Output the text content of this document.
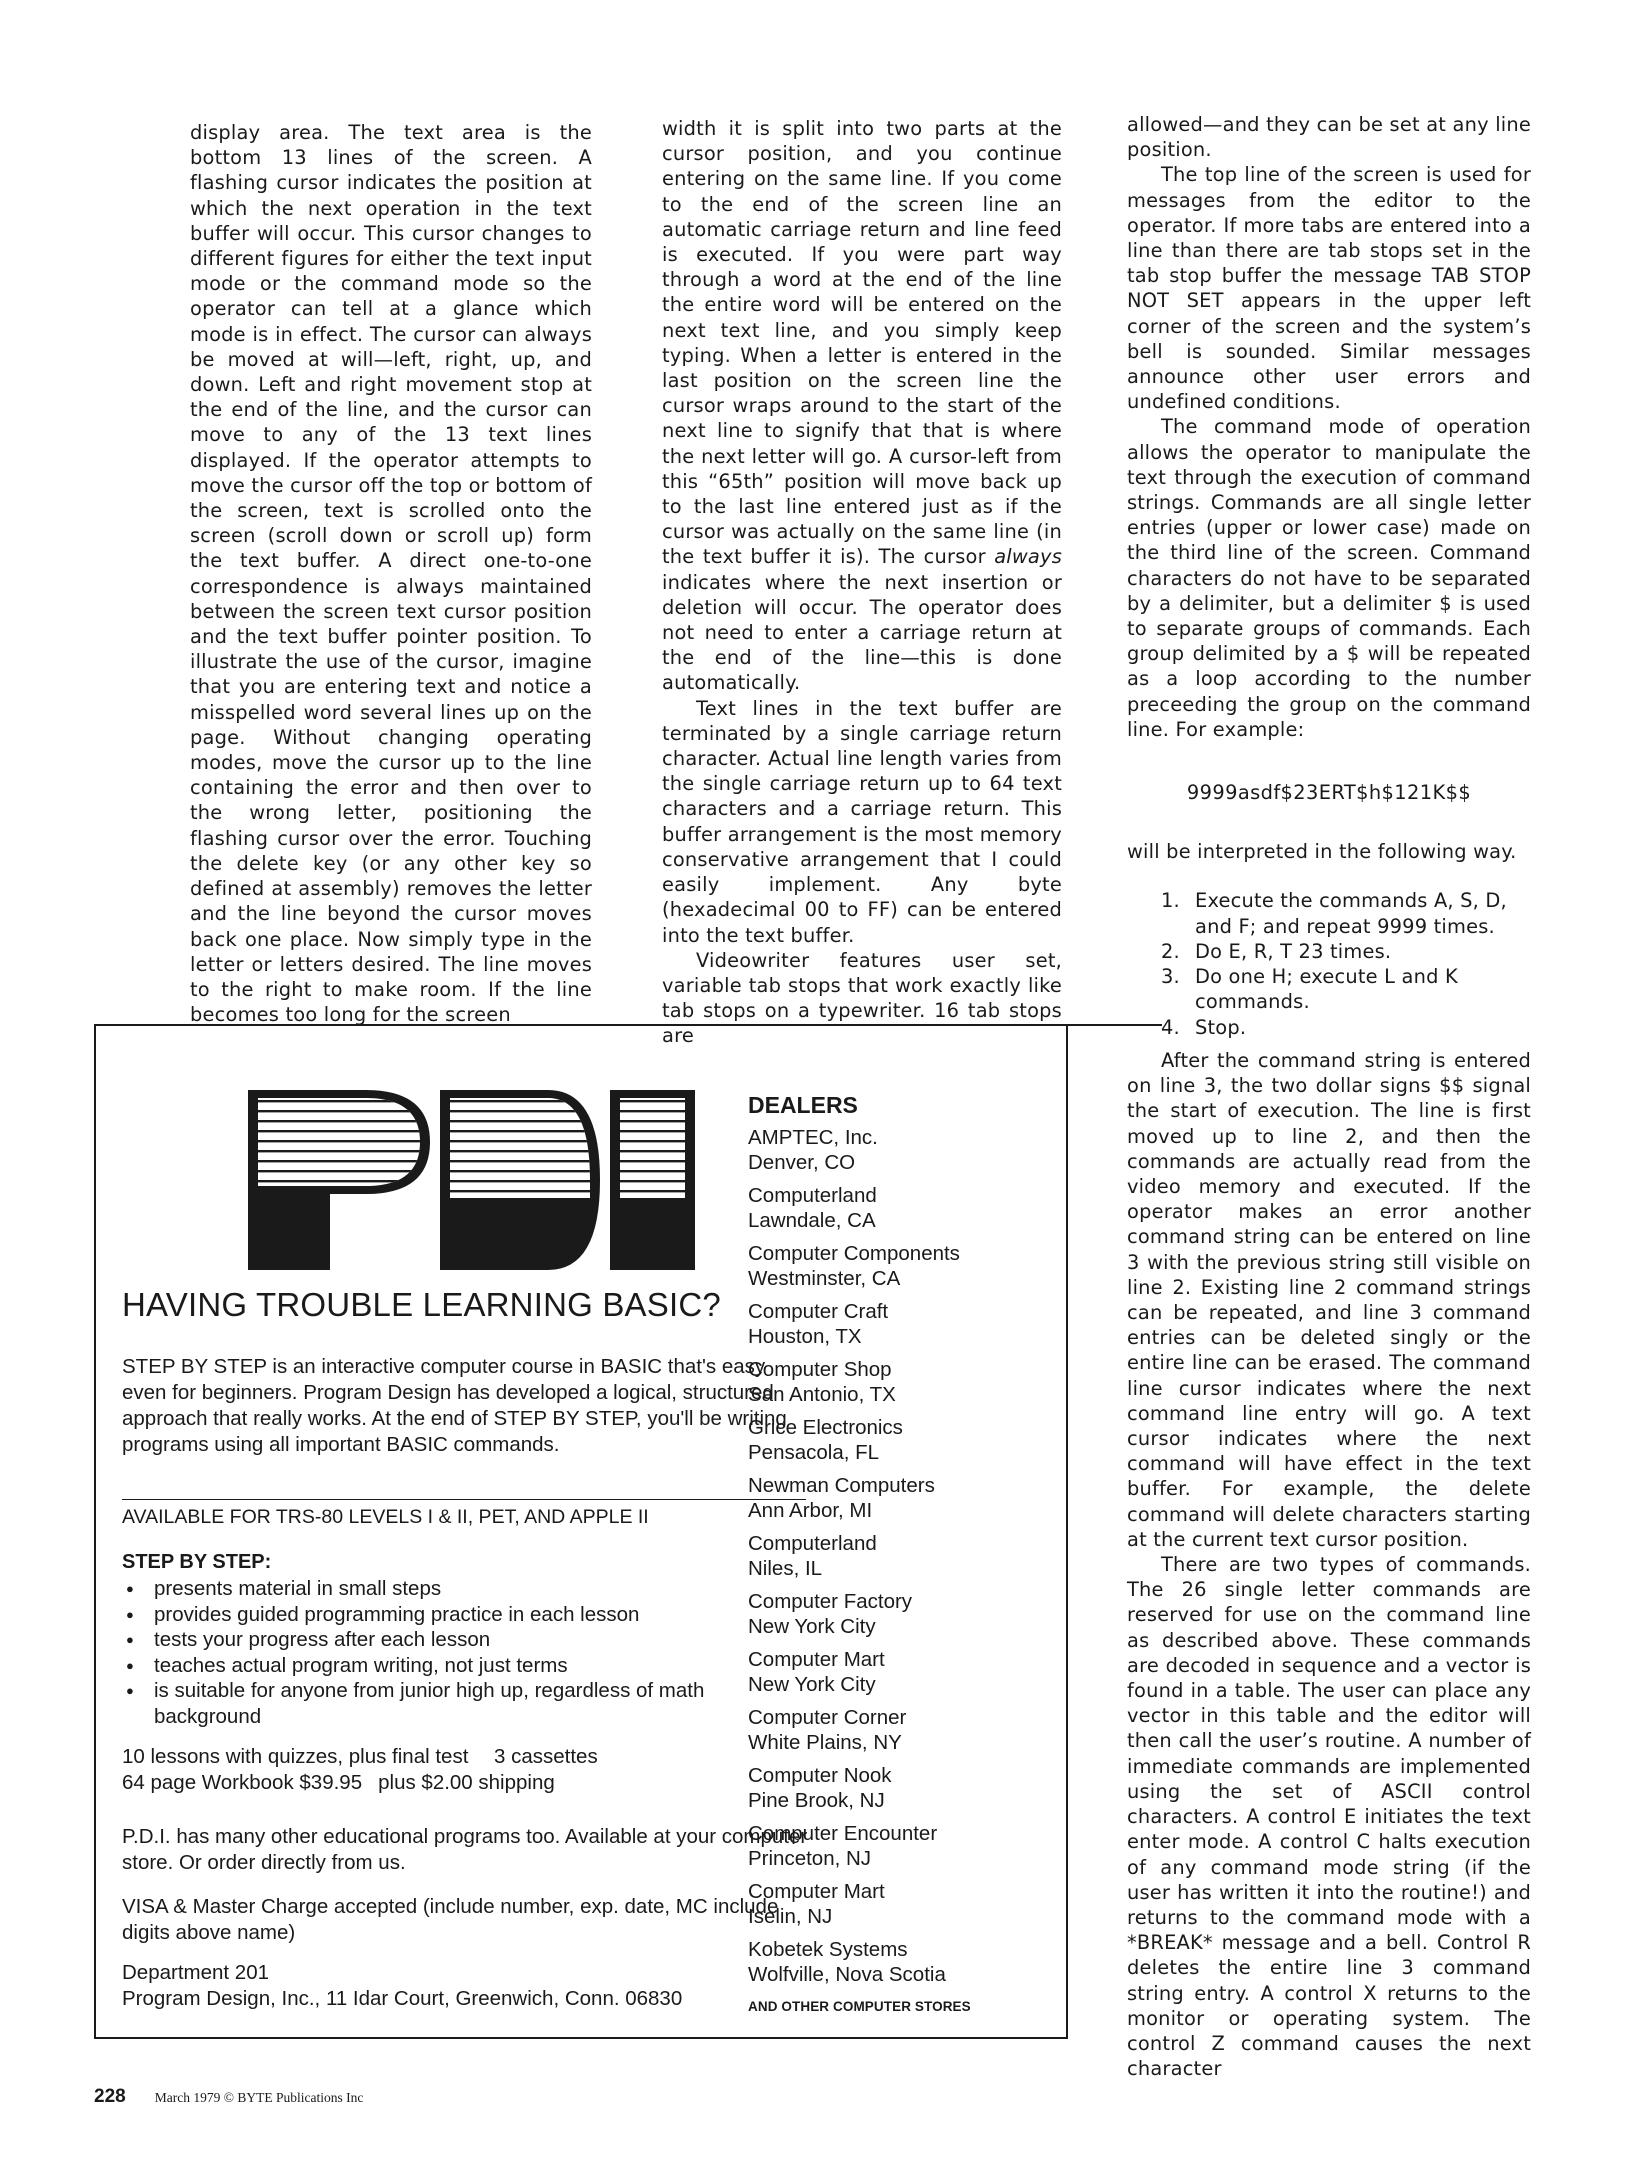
display area. The text area is the bottom 13 lines of the screen. A flashing cursor indicates the position at which the next operation in the text buffer will occur. This cursor changes to different figures for either the text input mode or the command mode so the operator can tell at a glance which mode is in effect. The cursor can always be moved at will—left, right, up, and down. Left and right movement stop at the end of the line, and the cursor can move to any of the 13 text lines displayed. If the operator attempts to move the cursor off the top or bottom of the screen, text is scrolled onto the screen (scroll down or scroll up) form the text buffer. A direct one-to-one correspondence is always maintained between the screen text cursor position and the text buffer pointer position. To illustrate the use of the cursor, imagine that you are entering text and notice a misspelled word several lines up on the page. Without changing operating modes, move the cursor up to the line containing the error and then over to the wrong letter, positioning the flashing cursor over the error. Touching the delete key (or any other key so defined at assembly) removes the letter and the line beyond the cursor moves back one place. Now simply type in the letter or letters desired. The line moves to the right to make room. If the line becomes too long for the screen

width it is split into two parts at the cursor position, and you continue entering on the same line. If you come to the end of the screen line an automatic carriage return and line feed is executed. If you were part way through a word at the end of the line the entire word will be entered on the next text line, and you simply keep typing. When a letter is entered in the last position on the screen line the cursor wraps around to the start of the next line to signify that that is where the next letter will go. A cursor-left from this “65th” position will move back up to the last line entered just as if the cursor was actually on the same line (in the text buffer it is). The cursor always indicates where the next insertion or deletion will occur. The operator does not need to enter a carriage return at the end of the line—this is done automatically.

Text lines in the text buffer are terminated by a single carriage return character. Actual line length varies from the single carriage return up to 64 text characters and a carriage return. This buffer arrangement is the most memory conservative arrangement that I could easily implement. Any byte (hexadecimal 00 to FF) can be entered into the text buffer.

Videowriter features user set, variable tab stops that work exactly like tab stops on a typewriter. 16 tab stops are

allowed—and they can be set at any line position.

The top line of the screen is used for messages from the editor to the operator. If more tabs are entered into a line than there are tab stops set in the tab stop buffer the message TAB STOP NOT SET appears in the upper left corner of the screen and the system’s bell is sounded. Similar messages announce other user errors and undefined conditions.

The command mode of operation allows the operator to manipulate the text through the execution of command strings. Commands are all single letter entries (upper or lower case) made on the third line of the screen. Command characters do not have to be separated by a delimiter, but a delimiter $ is used to separate groups of commands. Each group delimited by a $ will be repeated as a loop according to the number preceeding the group on the command line. For example:

9999asdf$23ERT$h$121K$$

will be interpreted in the following way.

1. Execute the commands A, S, D, and F; and repeat 9999 times.
2. Do E, R, T 23 times.
3. Do one H; execute L and K commands.
4. Stop.

After the command string is entered on line 3, the two dollar signs $$ signal the start of execution. The line is first moved up to line 2, and then the commands are actually read from the video memory and executed. If the operator makes an error another command string can be entered on line 3 with the previous string still visible on line 2. Existing line 2 command strings can be repeated, and line 3 command entries can be deleted singly or the entire line can be erased. The command line cursor indicates where the next command line entry will go. A text cursor indicates where the next command will have effect in the text buffer. For example, the delete command will delete characters starting at the current text cursor position.

There are two types of commands. The 26 single letter commands are reserved for use on the command line as described above. These commands are decoded in sequence and a vector is found in a table. The user can place any vector in this table and the editor will then call the user’s routine. A number of immediate commands are implemented using the set of ASCII control characters. A control E initiates the text enter mode. A control C halts execution of any command mode string (if the user has written it into the routine!) and returns to the command mode with a *BREAK* message and a bell. Control R deletes the entire line 3 command string entry. A control X returns to the monitor or operating system. The control Z command causes the next character

HAVING TROUBLE LEARNING BASIC?
STEP BY STEP is an interactive computer course in BASIC that's easy even for beginners. Program Design has developed a logical, structured approach that really works. At the end of STEP BY STEP, you'll be writing programs using all important BASIC commands.
AVAILABLE FOR TRS-80 LEVELS I & II, PET, AND APPLE II
STEP BY STEP:
● presents material in small steps
● provides guided programming practice in each lesson
● tests your progress after each lesson
● teaches actual program writing, not just terms
● is suitable for anyone from junior high up, regardless of math background
10 lessons with quizzes, plus final test 3 cassettes
64 page Workbook $39.95 plus $2.00 shipping
P.D.I. has many other educational programs too. Available at your computer store. Or order directly from us.
VISA & Master Charge accepted (include number, exp. date, MC include digits above name)
Department 201
Program Design, Inc., 11 Idar Court, Greenwich, Conn. 06830
DEALERS
AMPTEC, Inc.
Denver, CO
Computerland
Lawndale, CA
Computer Components
Westminster, CA
Computer Craft
Houston, TX
Computer Shop
San Antonio, TX
Grice Electronics
Pensacola, FL
Newman Computers
Ann Arbor, MI
Computerland
Niles, IL
Computer Factory
New York City
Computer Mart
New York City
Computer Corner
White Plains, NY
Computer Nook
Pine Brook, NJ
Computer Encounter
Princeton, NJ
Computer Mart
Iselin, NJ
Kobetek Systems
Wolfville, Nova Scotia
AND OTHER COMPUTER STORES
228 March 1979 © BYTE Publications Inc
